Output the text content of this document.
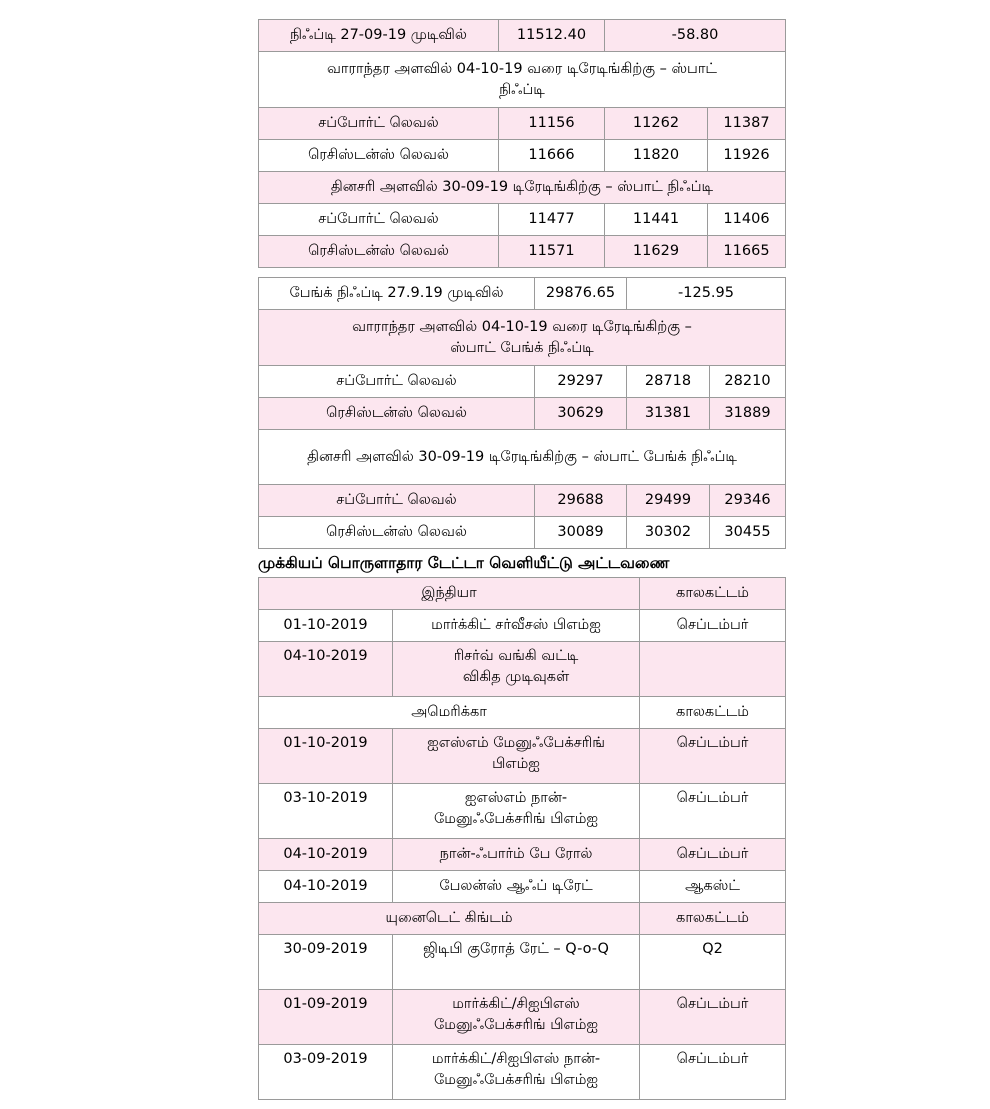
நிஃப்டி 27-09-19 முடிவில்	11512.40	-58.80	
வாராந்தர அளவில் 04-10-19 வரை டிரேடிங்கிற்கு – ஸ்பாட் நிஃப்டி			
சப்போர்ட் லெவல்	11156	11262	11387
ரெசிஸ்டன்ஸ் லெவல்	11666	11820	11926
தினசரி அளவில் 30-09-19 டிரேடிங்கிற்கு – ஸ்பாட் நிஃப்டி			
சப்போர்ட் லெவல்	11477	11441	11406
ரெசிஸ்டன்ஸ் லெவல்	11571	11629	11665
பேங்க் நிஃப்டி 27.9.19 முடிவில்	29876.65	-125.95	
வாராந்தர அளவில் 04-10-19 வரை டிரேடிங்கிற்கு – ஸ்பாட் பேங்க் நிஃப்டி			
சப்போர்ட் லெவல்	29297	28718	28210
ரெசிஸ்டன்ஸ் லெவல்	30629	31381	31889
தினசரி அளவில் 30-09-19 டிரேடிங்கிற்கு – ஸ்பாட் பேங்க் நிஃப்டி			
சப்போர்ட் லெவல்	29688	29499	29346
ரெசிஸ்டன்ஸ் லெவல்	30089	30302	30455
முக்கியப் பொருளாதார டேட்டா வெளியீட்டு அட்டவணை
இந்தியா		காலகட்டம்
01-10-2019	மார்க்கிட் சர்வீசஸ் பிஎம்ஐ	செப்டம்பர்
04-10-2019	ரிசர்வ் வங்கி வட்டி விகித முடிவுகள்	
அமெரிக்கா		காலகட்டம்
01-10-2019	ஐஎஸ்எம் மேனுஃபேக்சரிங் பிஎம்ஐ	செப்டம்பர்
03-10-2019	ஐஎஸ்எம் நான்-மேனுஃபேக்சரிங் பிஎம்ஐ	செப்டம்பர்
04-10-2019	நான்-ஃபார்ம் பே ரோல்	செப்டம்பர்
04-10-2019	பேலன்ஸ் ஆஃப் டிரேட்	ஆகஸ்ட்
யுனைடெட் கிங்டம்		காலகட்டம்
30-09-2019	ஜிடிபி குரோத் ரேட் – Q-o-Q	Q2
01-09-2019	மார்க்கிட்/சிஐபிஎஸ் மேனுஃபேக்சரிங் பிஎம்ஐ	செப்டம்பர்
03-09-2019	மார்க்கிட்/சிஐபிஎஸ் நான்-மேனுஃபேக்சரிங் பிஎம்ஐ	செப்டம்பர்
